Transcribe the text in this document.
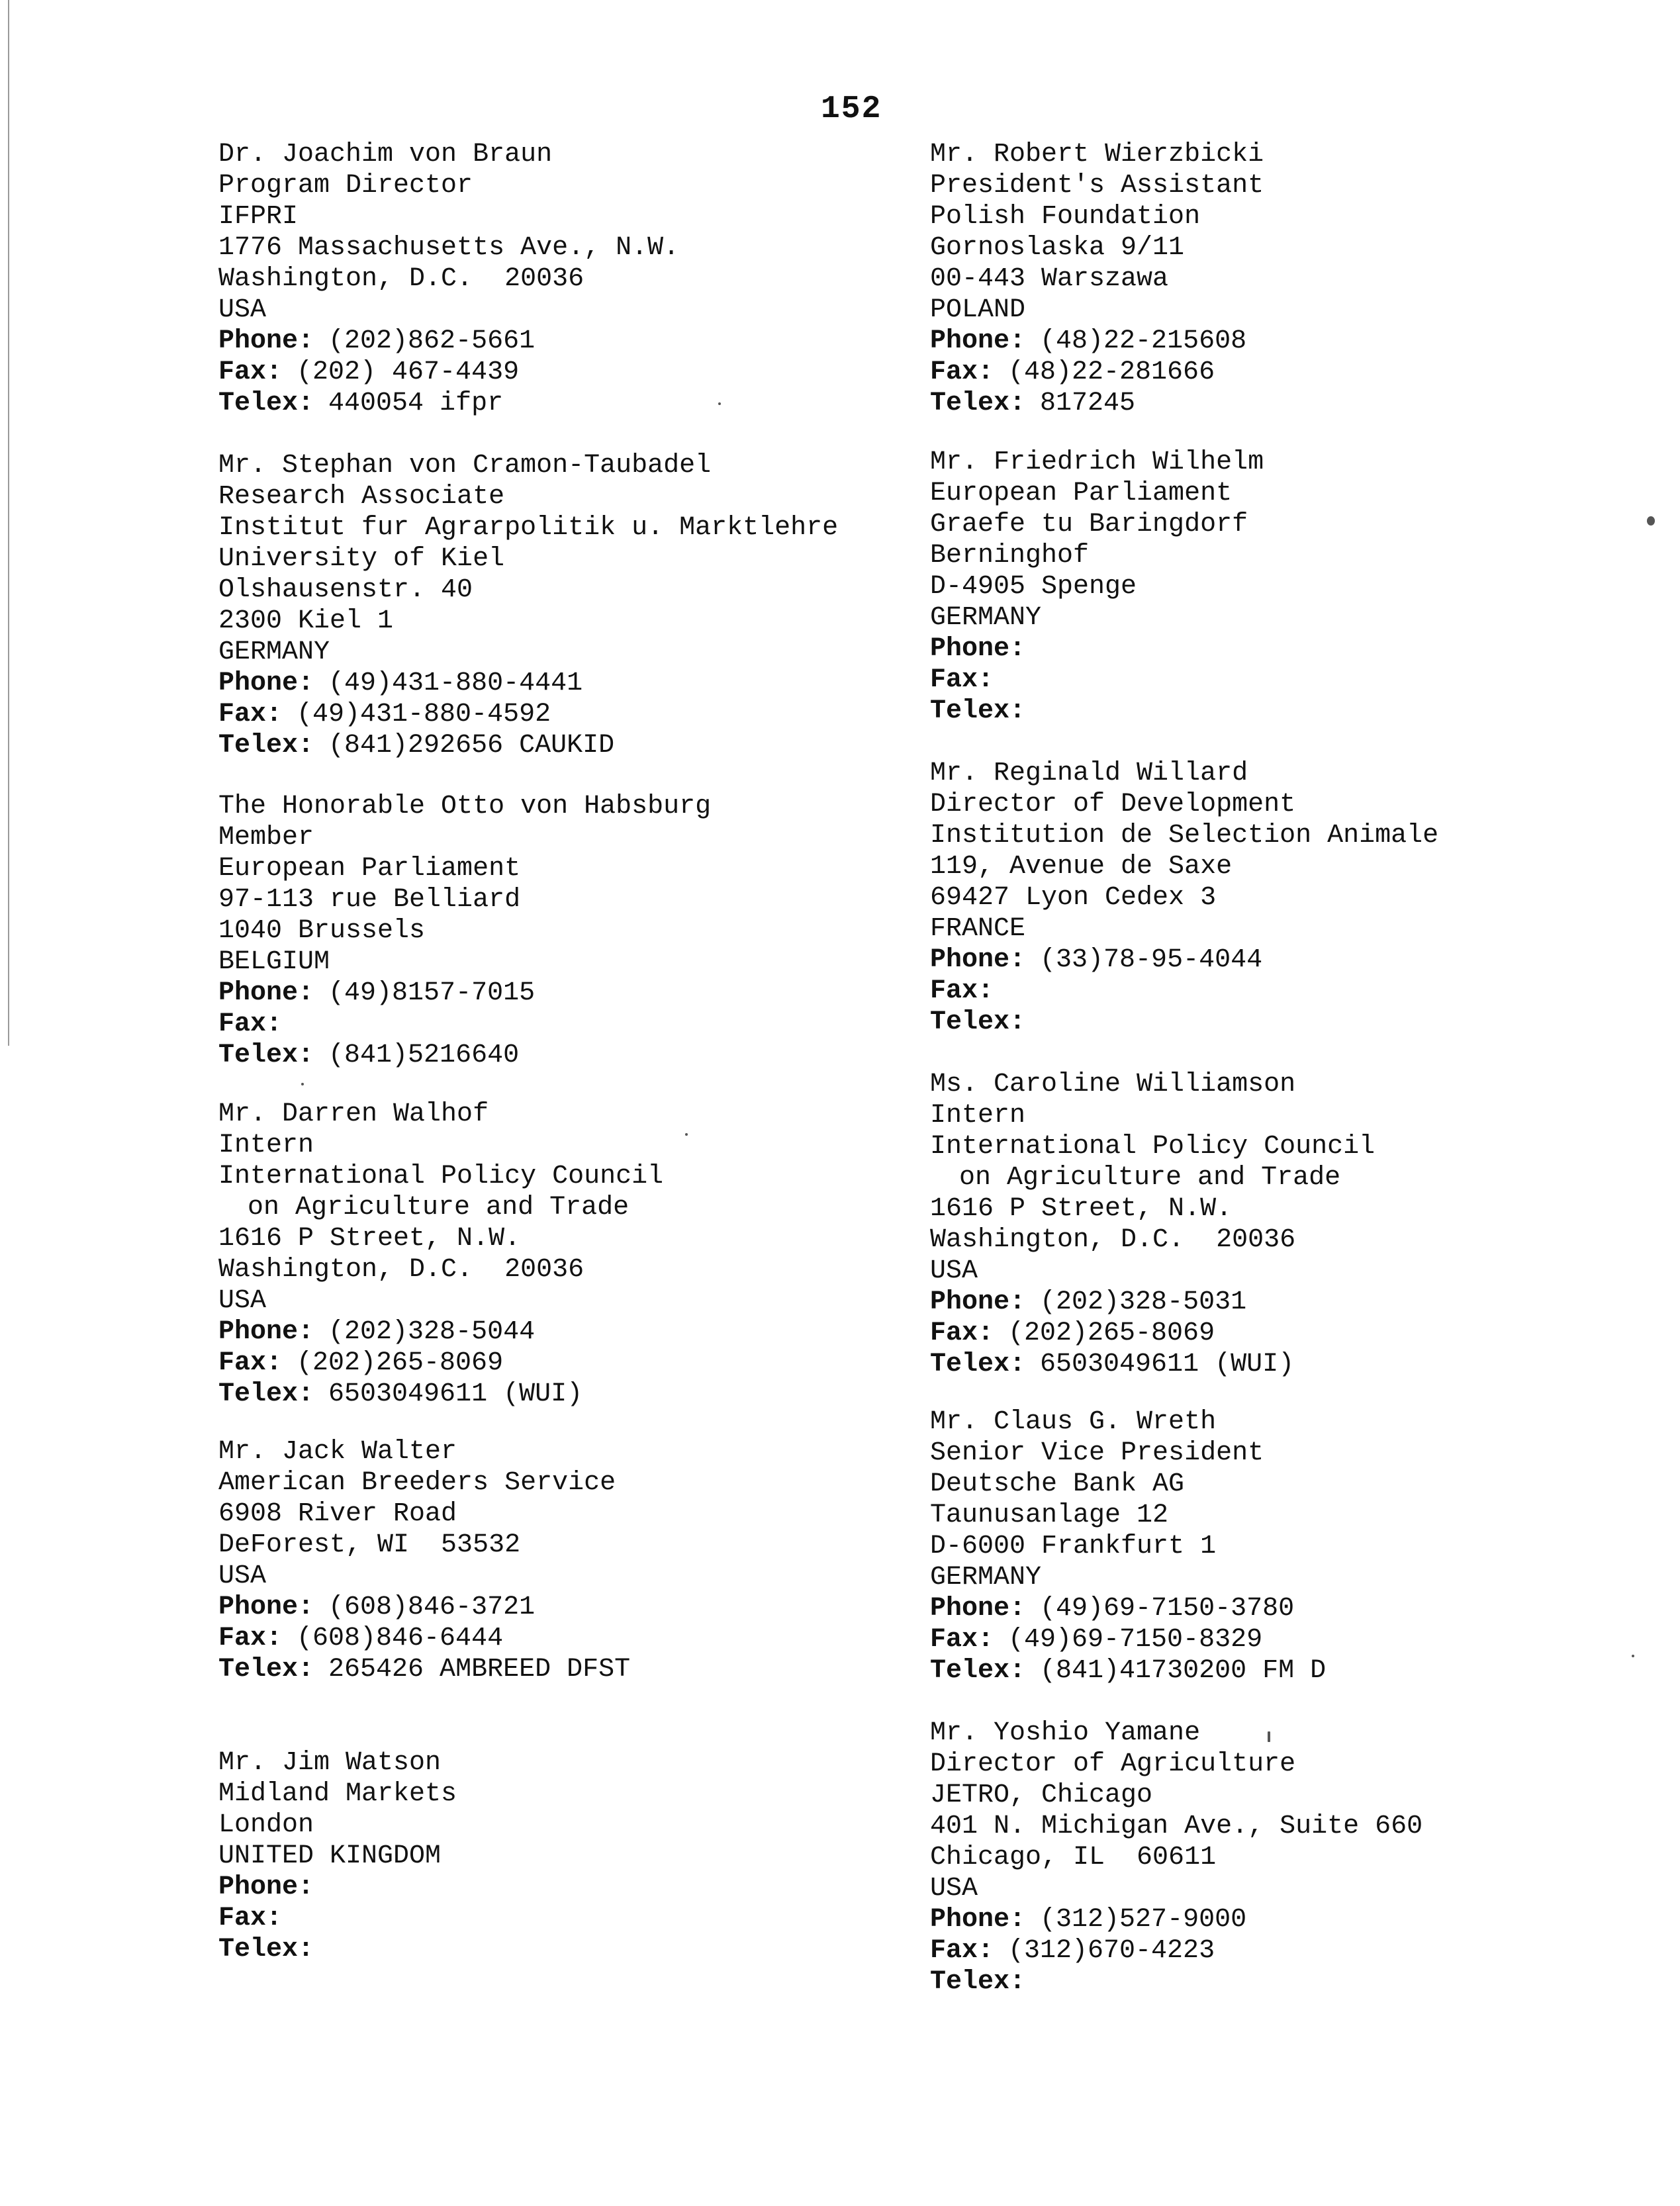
152
Dr. Joachim von Braun
Program Director
IFPRI
1776 Massachusetts Ave., N.W.
Washington, D.C.  20036
USA
Phone: (202)862-5661
Fax: (202) 467-4439
Telex: 440054 ifpr
Mr. Stephan von Cramon-Taubadel
Research Associate
Institut fur Agrarpolitik u. Marktlehre
University of Kiel
Olshausenstr. 40
2300 Kiel 1
GERMANY
Phone: (49)431-880-4441
Fax: (49)431-880-4592
Telex: (841)292656 CAUKID
The Honorable Otto von Habsburg
Member
European Parliament
97-113 rue Belliard
1040 Brussels
BELGIUM
Phone: (49)8157-7015
Fax:
Telex: (841)5216640
Mr. Darren Walhof
Intern
International Policy Council
on Agriculture and Trade
1616 P Street, N.W.
Washington, D.C.  20036
USA
Phone: (202)328-5044
Fax: (202)265-8069
Telex: 6503049611 (WUI)
Mr. Jack Walter
American Breeders Service
6908 River Road
DeForest, WI  53532
USA
Phone: (608)846-3721
Fax: (608)846-6444
Telex: 265426 AMBREED DFST
Mr. Jim Watson
Midland Markets
London
UNITED KINGDOM
Phone:
Fax:
Telex:
Mr. Robert Wierzbicki
President's Assistant
Polish Foundation
Gornoslaska 9/11
00-443 Warszawa
POLAND
Phone: (48)22-215608
Fax: (48)22-281666
Telex: 817245
Mr. Friedrich Wilhelm
European Parliament
Graefe tu Baringdorf
Berninghof
D-4905 Spenge
GERMANY
Phone:
Fax:
Telex:
Mr. Reginald Willard
Director of Development
Institution de Selection Animale
119, Avenue de Saxe
69427 Lyon Cedex 3
FRANCE
Phone: (33)78-95-4044
Fax:
Telex:
Ms. Caroline Williamson
Intern
International Policy Council
on Agriculture and Trade
1616 P Street, N.W.
Washington, D.C.  20036
USA
Phone: (202)328-5031
Fax: (202)265-8069
Telex: 6503049611 (WUI)
Mr. Claus G. Wreth
Senior Vice President
Deutsche Bank AG
Taunusanlage 12
D-6000 Frankfurt 1
GERMANY
Phone: (49)69-7150-3780
Fax: (49)69-7150-8329
Telex: (841)41730200 FM D
Mr. Yoshio Yamane
Director of Agriculture
JETRO, Chicago
401 N. Michigan Ave., Suite 660
Chicago, IL  60611
USA
Phone: (312)527-9000
Fax: (312)670-4223
Telex:
